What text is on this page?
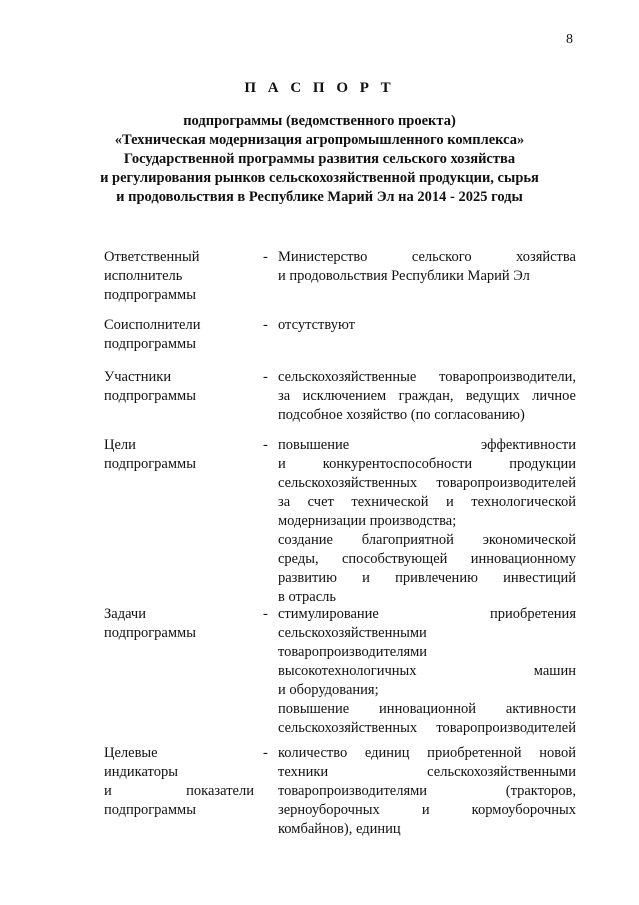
8
П А С П О Р Т
подпрограммы (ведомственного проекта)
«Техническая модернизация агропромышленного комплекса»
Государственной программы развития сельского хозяйства
и регулирования рынков сельскохозяйственной продукции, сырья
и продовольствия в Республике Марий Эл на 2014 - 2025 годы
Ответственный
исполнитель
подпрограммы
- Министерство сельского хозяйства
и продовольствия Республики Марий Эл
Соисполнители
подпрограммы
- отсутствуют
Участники
подпрограммы
- сельскохозяйственные товаропроизводители,
за исключением граждан, ведущих личное
подсобное хозяйство (по согласованию)
Цели
подпрограммы
- повышение эффективности
и конкурентоспособности продукции
сельскохозяйственных товаропроизводителей
за счет технической и технологической
модернизации производства;
создание благоприятной экономической
среды, способствующей инновационному
развитию и привлечению инвестиций
в отрасль
Задачи
подпрограммы
- стимулирование приобретения
сельскохозяйственными
товаропроизводителями
высокотехнологичных машин
и оборудования;
повышение инновационной активности
сельскохозяйственных товаропроизводителей
Целевые
индикаторы
и показатели
подпрограммы
- количество единиц приобретенной новой
техники сельскохозяйственными
товаропроизводителями (тракторов,
зерноуборочных и кормоуборочных
комбайнов), единиц
